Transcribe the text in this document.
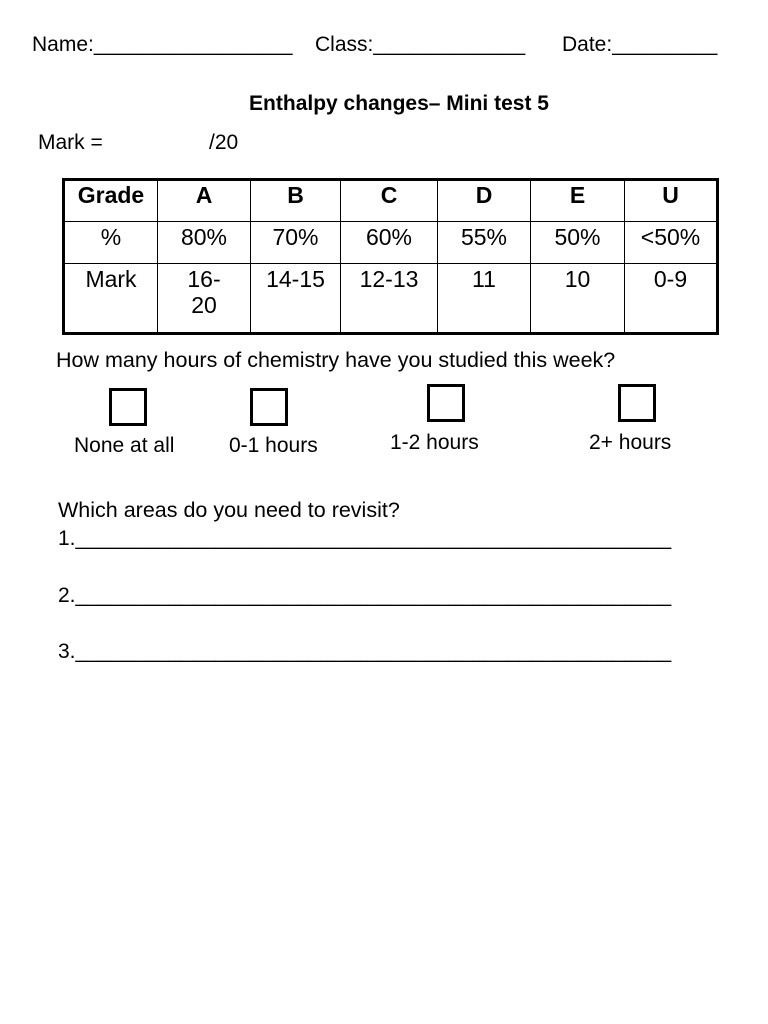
Name:_________________ Class:_____________ Date:_________
Enthalpy changes– Mini test 5
Mark =	/20
Grade	A	B	C	D	E	U
%	80%	70%	60%	55%	50%	<50%
Mark	16-20	14-15	12-13	11	10	0-9
How many hours of chemistry have you studied this week?
None at all	0-1 hours	1-2 hours	2+ hours
Which areas do you need to revisit?
1.___________________________________________________
2.___________________________________________________
3.___________________________________________________
